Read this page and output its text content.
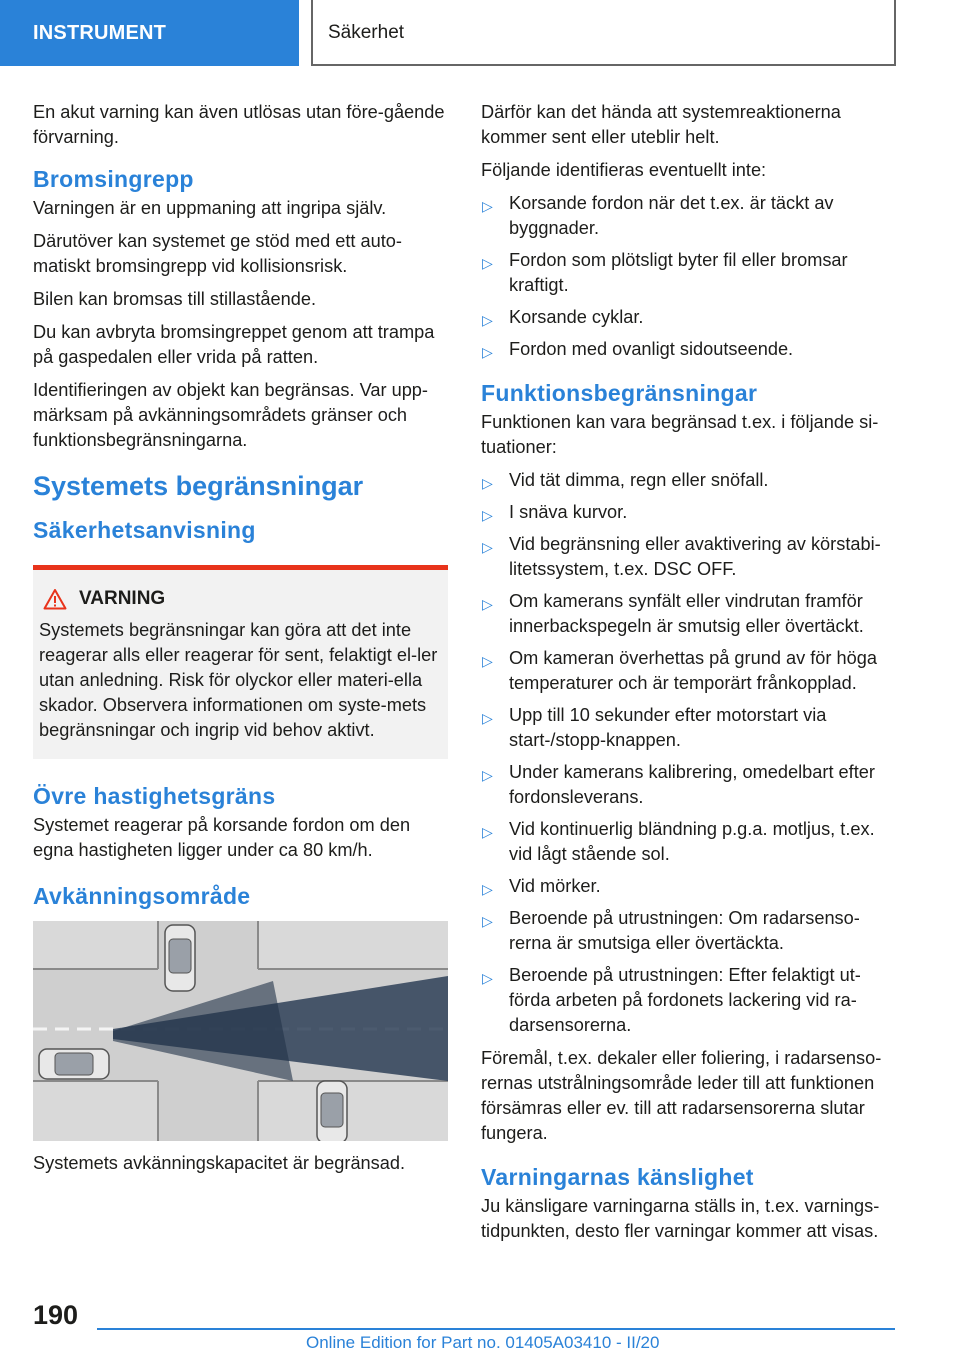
INSTRUMENT	Säkerhet

En akut varning kan även utlösas utan före-gående förvarning.

Bromsingrepp

Varningen är en uppmaning att ingripa själv.

Därutöver kan systemet ge stöd med ett auto-matiskt bromsingrepp vid kollisionsrisk.

Bilen kan bromsas till stillastående.

Du kan avbryta bromsingreppet genom att trampa på gaspedalen eller vrida på ratten.

Identifieringen av objekt kan begränsas. Var upp-märksam på avkänningsområdets gränser och funktionsbegränsningarna.

Systemets begränsningar
Säkerhetsanvisning
VARNING

Systemets begränsningar kan göra att det inte reagerar alls eller reagerar för sent, felaktigt el-ler utan anledning. Risk för olyckor eller materi-ella skador. Observera informationen om syste-mets begränsningar och ingrip vid behov aktivt.

Övre hastighetsgräns

Systemet reagerar på korsande fordon om den egna hastigheten ligger under ca 80 km/h.

Avkänningsområde

Systemets avkänningskapacitet är begränsad.

Därför kan det hända att systemreaktionerna kommer sent eller uteblir helt.

Följande identifieras eventuellt inte:

▷ Korsande fordon när det t.ex. är täckt av byggnader.
▷ Fordon som plötsligt byter fil eller bromsar kraftigt.
▷ Korsande cyklar.
▷ Fordon med ovanligt sidoutseende.
Funktionsbegränsningar

Funktionen kan vara begränsad t.ex. i följande si-tuationer:

▷ Vid tät dimma, regn eller snöfall.
▷ I snäva kurvor.
▷ Vid begränsning eller avaktivering av körstabi-litetssystem, t.ex. DSC OFF.
▷ Om kamerans synfält eller vindrutan framför innerbackspegeln är smutsig eller övertäckt.
▷ Om kameran överhettas på grund av för höga temperaturer och är temporärt frånkopplad.
▷ Upp till 10 sekunder efter motorstart via start-/stopp-knappen.
▷ Under kamerans kalibrering, omedelbart efter fordonsleverans.
▷ Vid kontinuerlig bländning p.g.a. motljus, t.ex. vid lågt stående sol.
▷ Vid mörker.
▷ Beroende på utrustningen: Om radarsenso-rerna är smutsiga eller övertäckta.
▷ Beroende på utrustningen: Efter felaktigt ut-förda arbeten på fordonets lackering vid ra-darsensorerna.

Föremål, t.ex. dekaler eller foliering, i radarsenso-rernas utstrålningsområde leder till att funktionen försämras eller ev. till att radarsensorerna slutar fungera.

Varningarnas känslighet

Ju känsligare varningarna ställs in, t.ex. varnings-tidpunkten, desto fler varningar kommer att visas.

190
Online Edition for Part no. 01405A03410 - II/20
